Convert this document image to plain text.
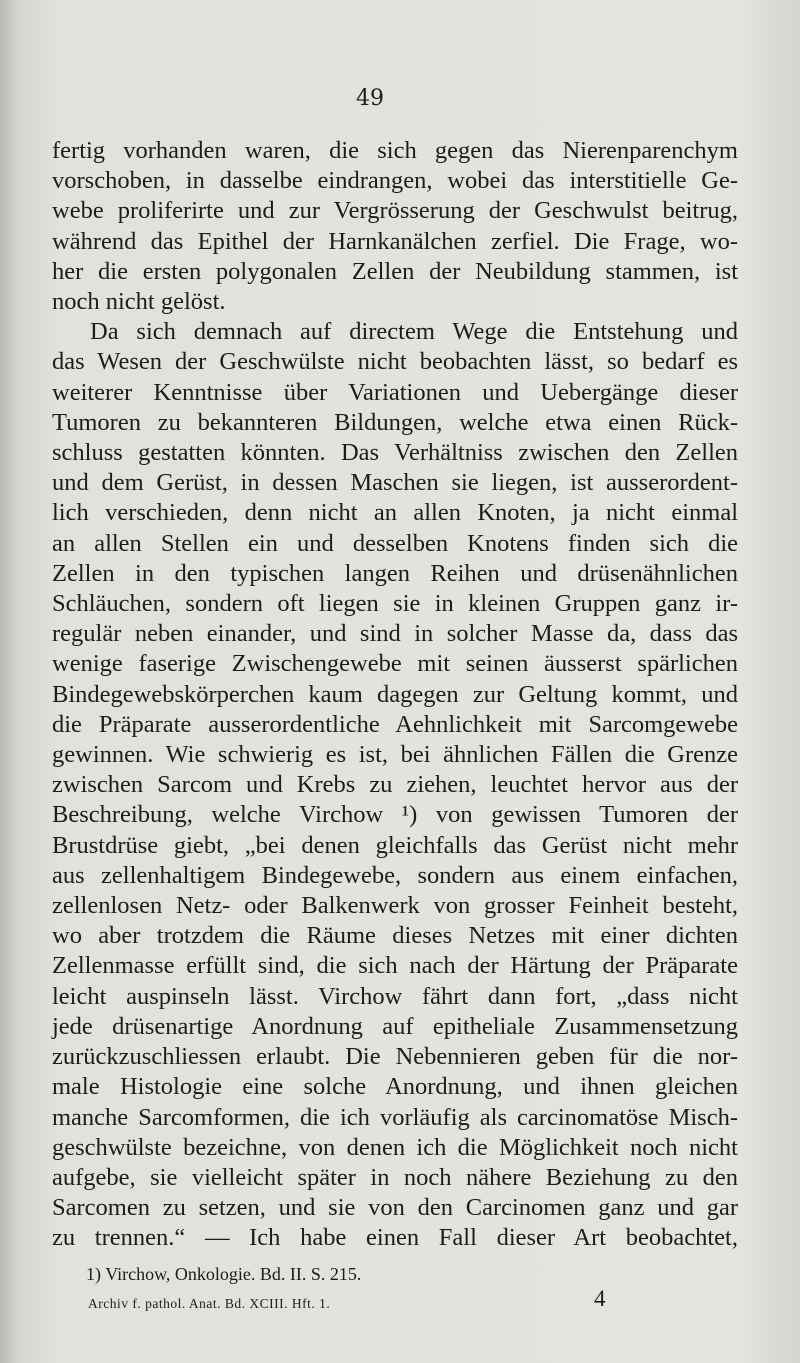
49
fertig vorhanden waren, die sich gegen das Nierenparenchym
vorschoben, in dasselbe eindrangen, wobei das interstitielle Ge-
webe proliferirte und zur Vergrösserung der Geschwulst beitrug,
während das Epithel der Harnkanälchen zerfiel. Die Frage, wo-
her die ersten polygonalen Zellen der Neubildung stammen, ist
noch nicht gelöst.
Da sich demnach auf directem Wege die Entstehung und
das Wesen der Geschwülste nicht beobachten lässt, so bedarf es
weiterer Kenntnisse über Variationen und Uebergänge dieser
Tumoren zu bekannteren Bildungen, welche etwa einen Rück-
schluss gestatten könnten. Das Verhältniss zwischen den Zellen
und dem Gerüst, in dessen Maschen sie liegen, ist ausserordent-
lich verschieden, denn nicht an allen Knoten, ja nicht einmal
an allen Stellen ein und desselben Knotens finden sich die
Zellen in den typischen langen Reihen und drüsenähnlichen
Schläuchen, sondern oft liegen sie in kleinen Gruppen ganz ir-
regulär neben einander, und sind in solcher Masse da, dass das
wenige faserige Zwischengewebe mit seinen äusserst spärlichen
Bindegewebskörperchen kaum dagegen zur Geltung kommt, und
die Präparate ausserordentliche Aehnlichkeit mit Sarcomgewebe
gewinnen. Wie schwierig es ist, bei ähnlichen Fällen die Grenze
zwischen Sarcom und Krebs zu ziehen, leuchtet hervor aus der
Beschreibung, welche Virchow ¹) von gewissen Tumoren der
Brustdrüse giebt, „bei denen gleichfalls das Gerüst nicht mehr
aus zellenhaltigem Bindegewebe, sondern aus einem einfachen,
zellenlosen Netz- oder Balkenwerk von grosser Feinheit besteht,
wo aber trotzdem die Räume dieses Netzes mit einer dichten
Zellenmasse erfüllt sind, die sich nach der Härtung der Präparate
leicht auspinseln lässt. Virchow fährt dann fort, „dass nicht
jede drüsenartige Anordnung auf epitheliale Zusammensetzung
zurückzuschliessen erlaubt. Die Nebennieren geben für die nor-
male Histologie eine solche Anordnung, und ihnen gleichen
manche Sarcomformen, die ich vorläufig als carcinomatöse Misch-
geschwülste bezeichne, von denen ich die Möglichkeit noch nicht
aufgebe, sie vielleicht später in noch nähere Beziehung zu den
Sarcomen zu setzen, und sie von den Carcinomen ganz und gar
zu trennen.“ — Ich habe einen Fall dieser Art beobachtet,
1) Virchow, Onkologie. Bd. II. S. 215.
Archiv f. pathol. Anat. Bd. XCIII. Hft. 1.	4
